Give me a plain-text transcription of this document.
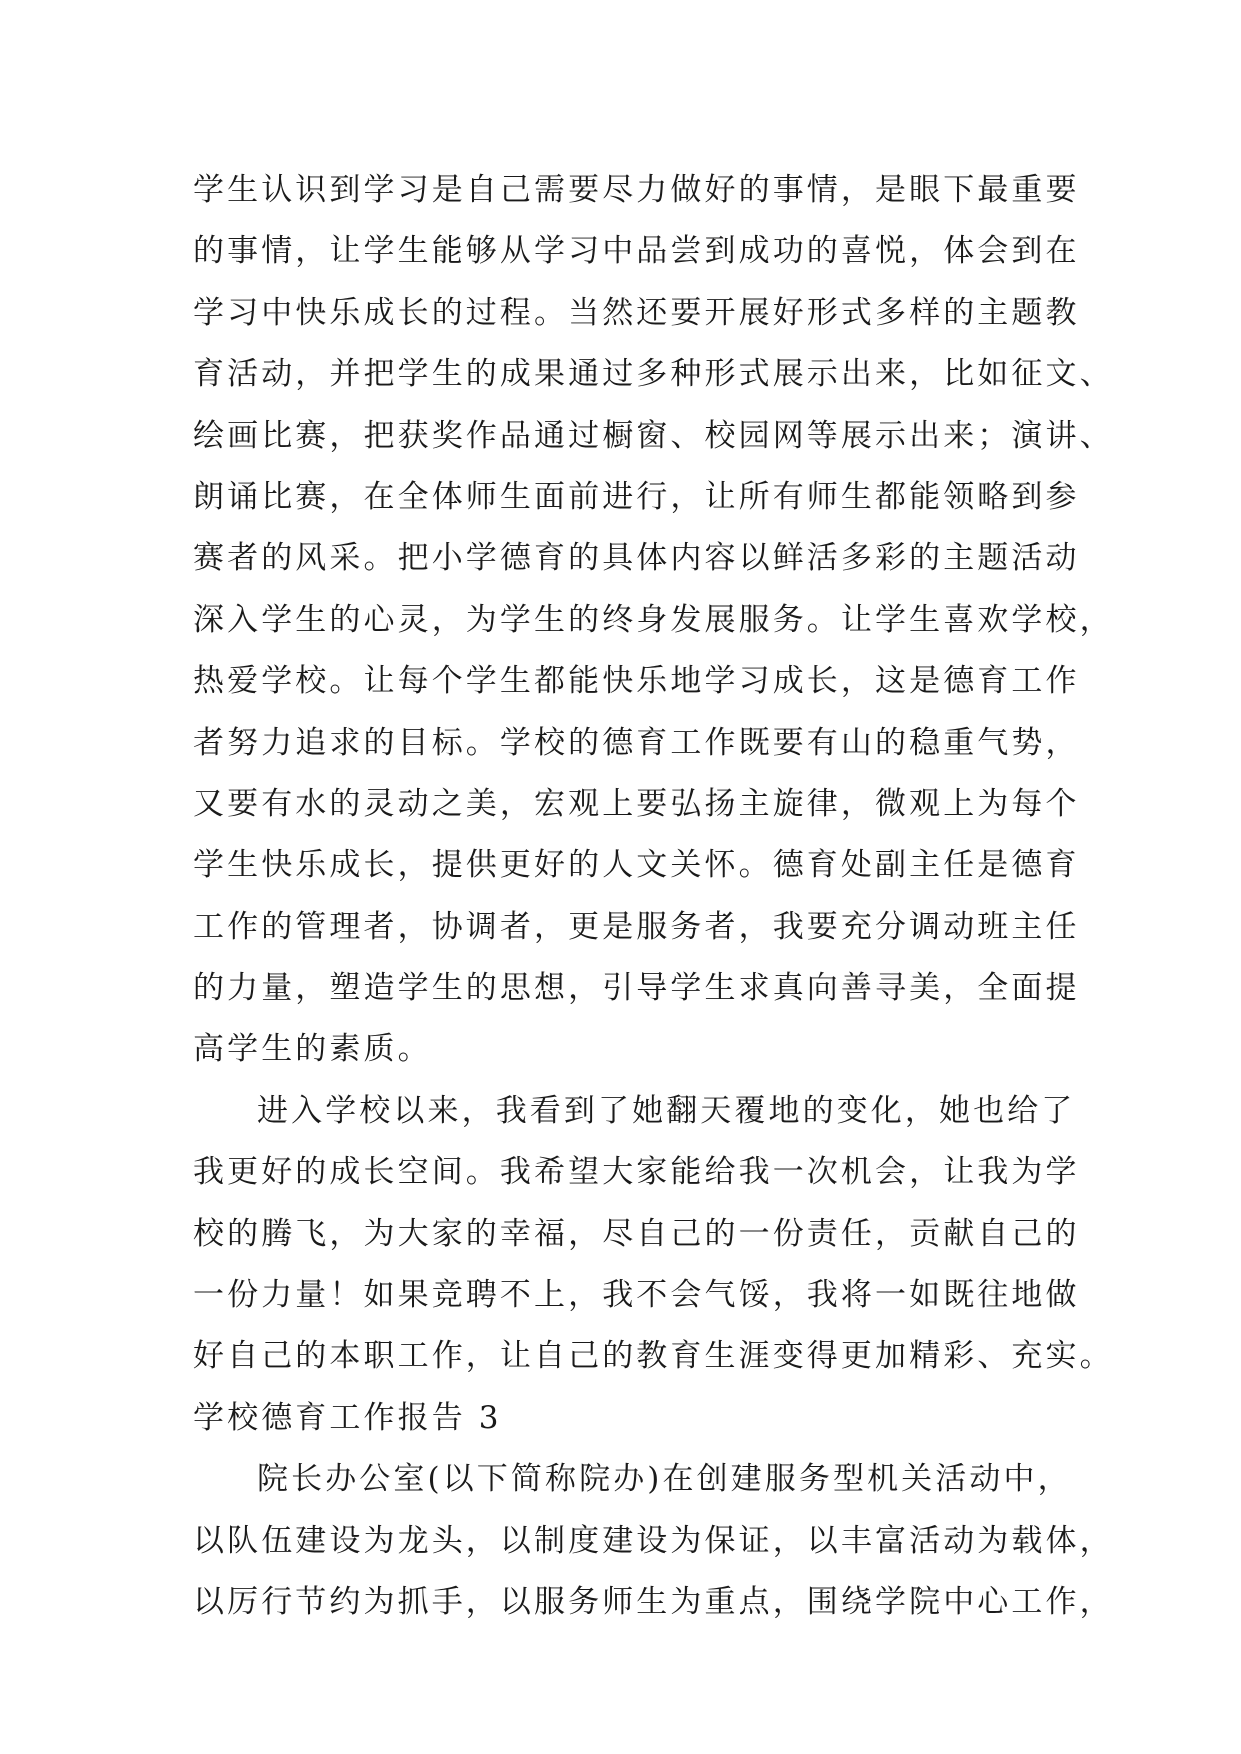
学生认识到学习是自己需要尽力做好的事情，是眼下最重要
的事情，让学生能够从学习中品尝到成功的喜悦，体会到在
学习中快乐成长的过程。当然还要开展好形式多样的主题教
育活动，并把学生的成果通过多种形式展示出来，比如征文、
绘画比赛，把获奖作品通过橱窗、校园网等展示出来；演讲、
朗诵比赛，在全体师生面前进行，让所有师生都能领略到参
赛者的风采。把小学德育的具体内容以鲜活多彩的主题活动
深入学生的心灵，为学生的终身发展服务。让学生喜欢学校，
热爱学校。让每个学生都能快乐地学习成长，这是德育工作
者努力追求的目标。学校的德育工作既要有山的稳重气势，
又要有水的灵动之美，宏观上要弘扬主旋律，微观上为每个
学生快乐成长，提供更好的人文关怀。德育处副主任是德育
工作的管理者，协调者，更是服务者，我要充分调动班主任
的力量，塑造学生的思想，引导学生求真向善寻美，全面提
高学生的素质。
进入学校以来，我看到了她翻天覆地的变化，她也给了
我更好的成长空间。我希望大家能给我一次机会，让我为学
校的腾飞，为大家的幸福，尽自己的一份责任，贡献自己的
一份力量！如果竞聘不上，我不会气馁，我将一如既往地做
好自己的本职工作，让自己的教育生涯变得更加精彩、充实。
学校德育工作报告 3
院长办公室(以下简称院办)在创建服务型机关活动中，
以队伍建设为龙头，以制度建设为保证，以丰富活动为载体，
以厉行节约为抓手，以服务师生为重点，围绕学院中心工作，
